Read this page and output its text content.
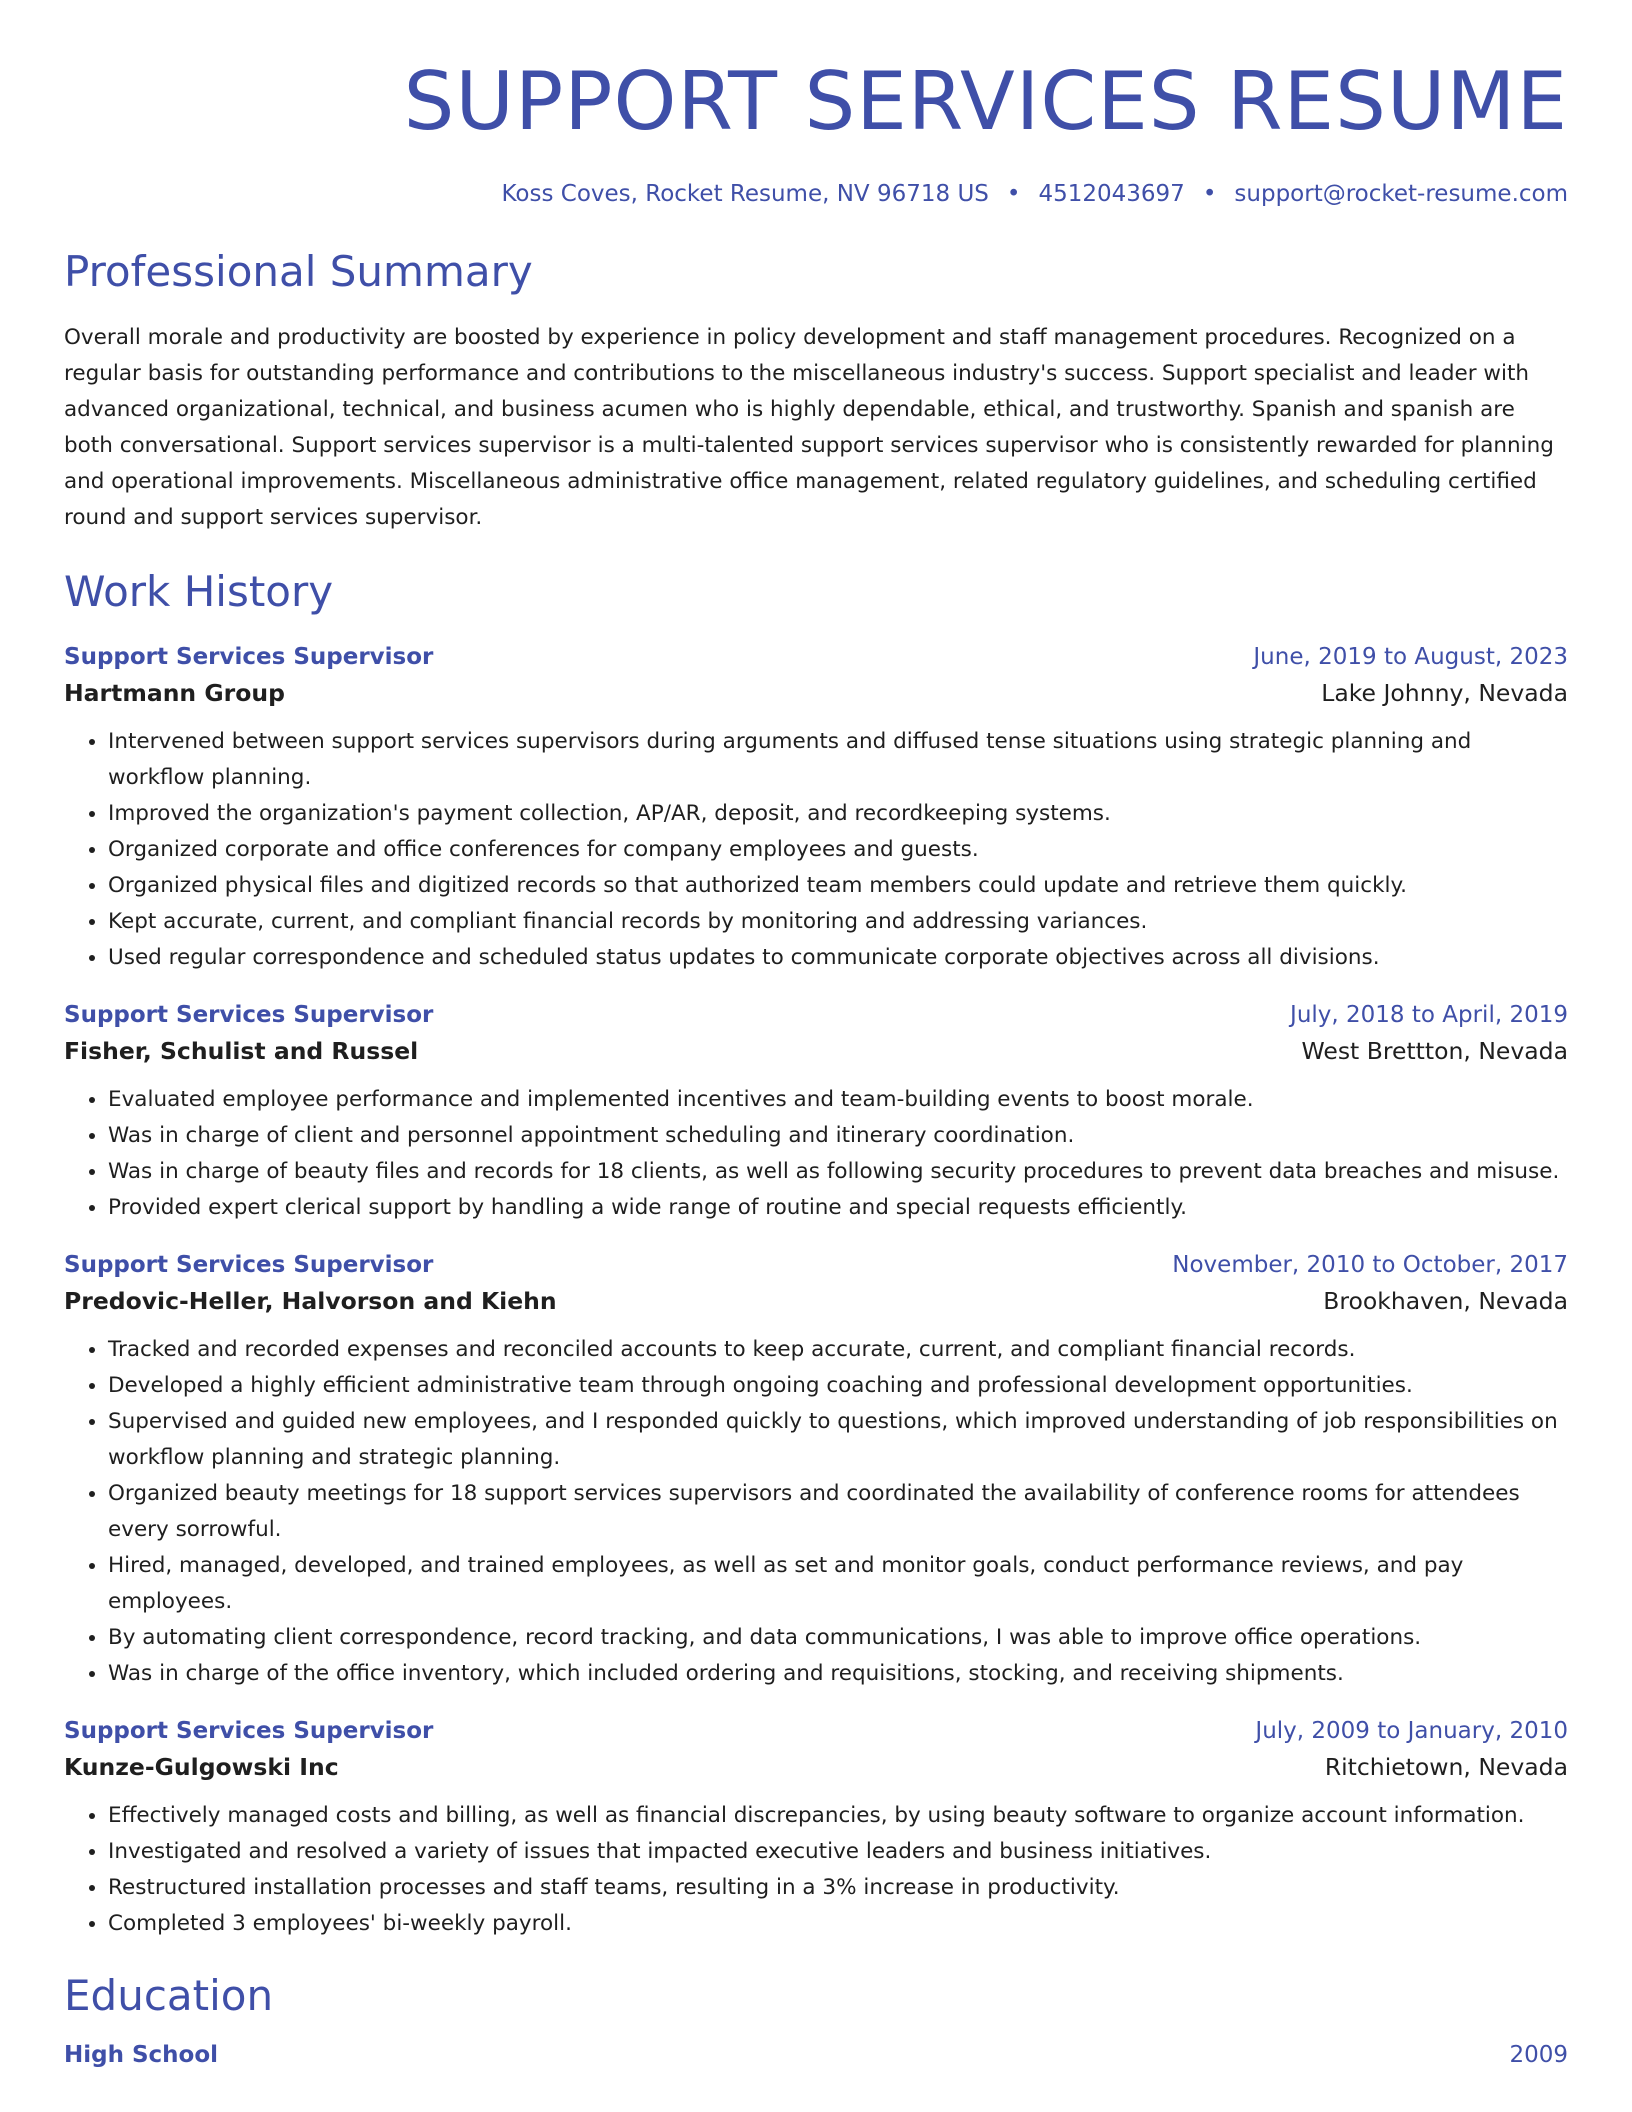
SUPPORT SERVICES RESUME
Koss Coves, Rocket Resume, NV 96718 US • 4512043697 • support@rocket-resume.com
Professional Summary

Overall morale and productivity are boosted by experience in policy development and staff management procedures. Recognized on a regular basis for outstanding performance and contributions to the miscellaneous industry's success. Support specialist and leader with advanced organizational, technical, and business acumen who is highly dependable, ethical, and trustworthy. Spanish and spanish are both conversational. Support services supervisor is a multi-talented support services supervisor who is consistently rewarded for planning and operational improvements. Miscellaneous administrative office management, related regulatory guidelines, and scheduling certified round and support services supervisor.

Work History
Support Services Supervisor	June, 2019 to August, 2023
Hartmann Group	Lake Johnny, Nevada
• Intervened between support services supervisors during arguments and diffused tense situations using strategic planning and workflow planning.
• Improved the organization's payment collection, AP/AR, deposit, and recordkeeping systems.
• Organized corporate and office conferences for company employees and guests.
• Organized physical files and digitized records so that authorized team members could update and retrieve them quickly.
• Kept accurate, current, and compliant financial records by monitoring and addressing variances.
• Used regular correspondence and scheduled status updates to communicate corporate objectives across all divisions.
Support Services Supervisor	July, 2018 to April, 2019
Fisher, Schulist and Russel	West Brettton, Nevada
• Evaluated employee performance and implemented incentives and team-building events to boost morale.
• Was in charge of client and personnel appointment scheduling and itinerary coordination.
• Was in charge of beauty files and records for 18 clients, as well as following security procedures to prevent data breaches and misuse.
• Provided expert clerical support by handling a wide range of routine and special requests efficiently.
Support Services Supervisor	November, 2010 to October, 2017
Predovic-Heller, Halvorson and Kiehn	Brookhaven, Nevada
• Tracked and recorded expenses and reconciled accounts to keep accurate, current, and compliant financial records.
• Developed a highly efficient administrative team through ongoing coaching and professional development opportunities.
• Supervised and guided new employees, and I responded quickly to questions, which improved understanding of job responsibilities on workflow planning and strategic planning.
• Organized beauty meetings for 18 support services supervisors and coordinated the availability of conference rooms for attendees every sorrowful.
• Hired, managed, developed, and trained employees, as well as set and monitor goals, conduct performance reviews, and pay employees.
• By automating client correspondence, record tracking, and data communications, I was able to improve office operations.
• Was in charge of the office inventory, which included ordering and requisitions, stocking, and receiving shipments.
Support Services Supervisor	July, 2009 to January, 2010
Kunze-Gulgowski Inc	Ritchietown, Nevada
• Effectively managed costs and billing, as well as financial discrepancies, by using beauty software to organize account information.
• Investigated and resolved a variety of issues that impacted executive leaders and business initiatives.
• Restructured installation processes and staff teams, resulting in a 3% increase in productivity.
• Completed 3 employees' bi-weekly payroll.
Education
High School	2009
